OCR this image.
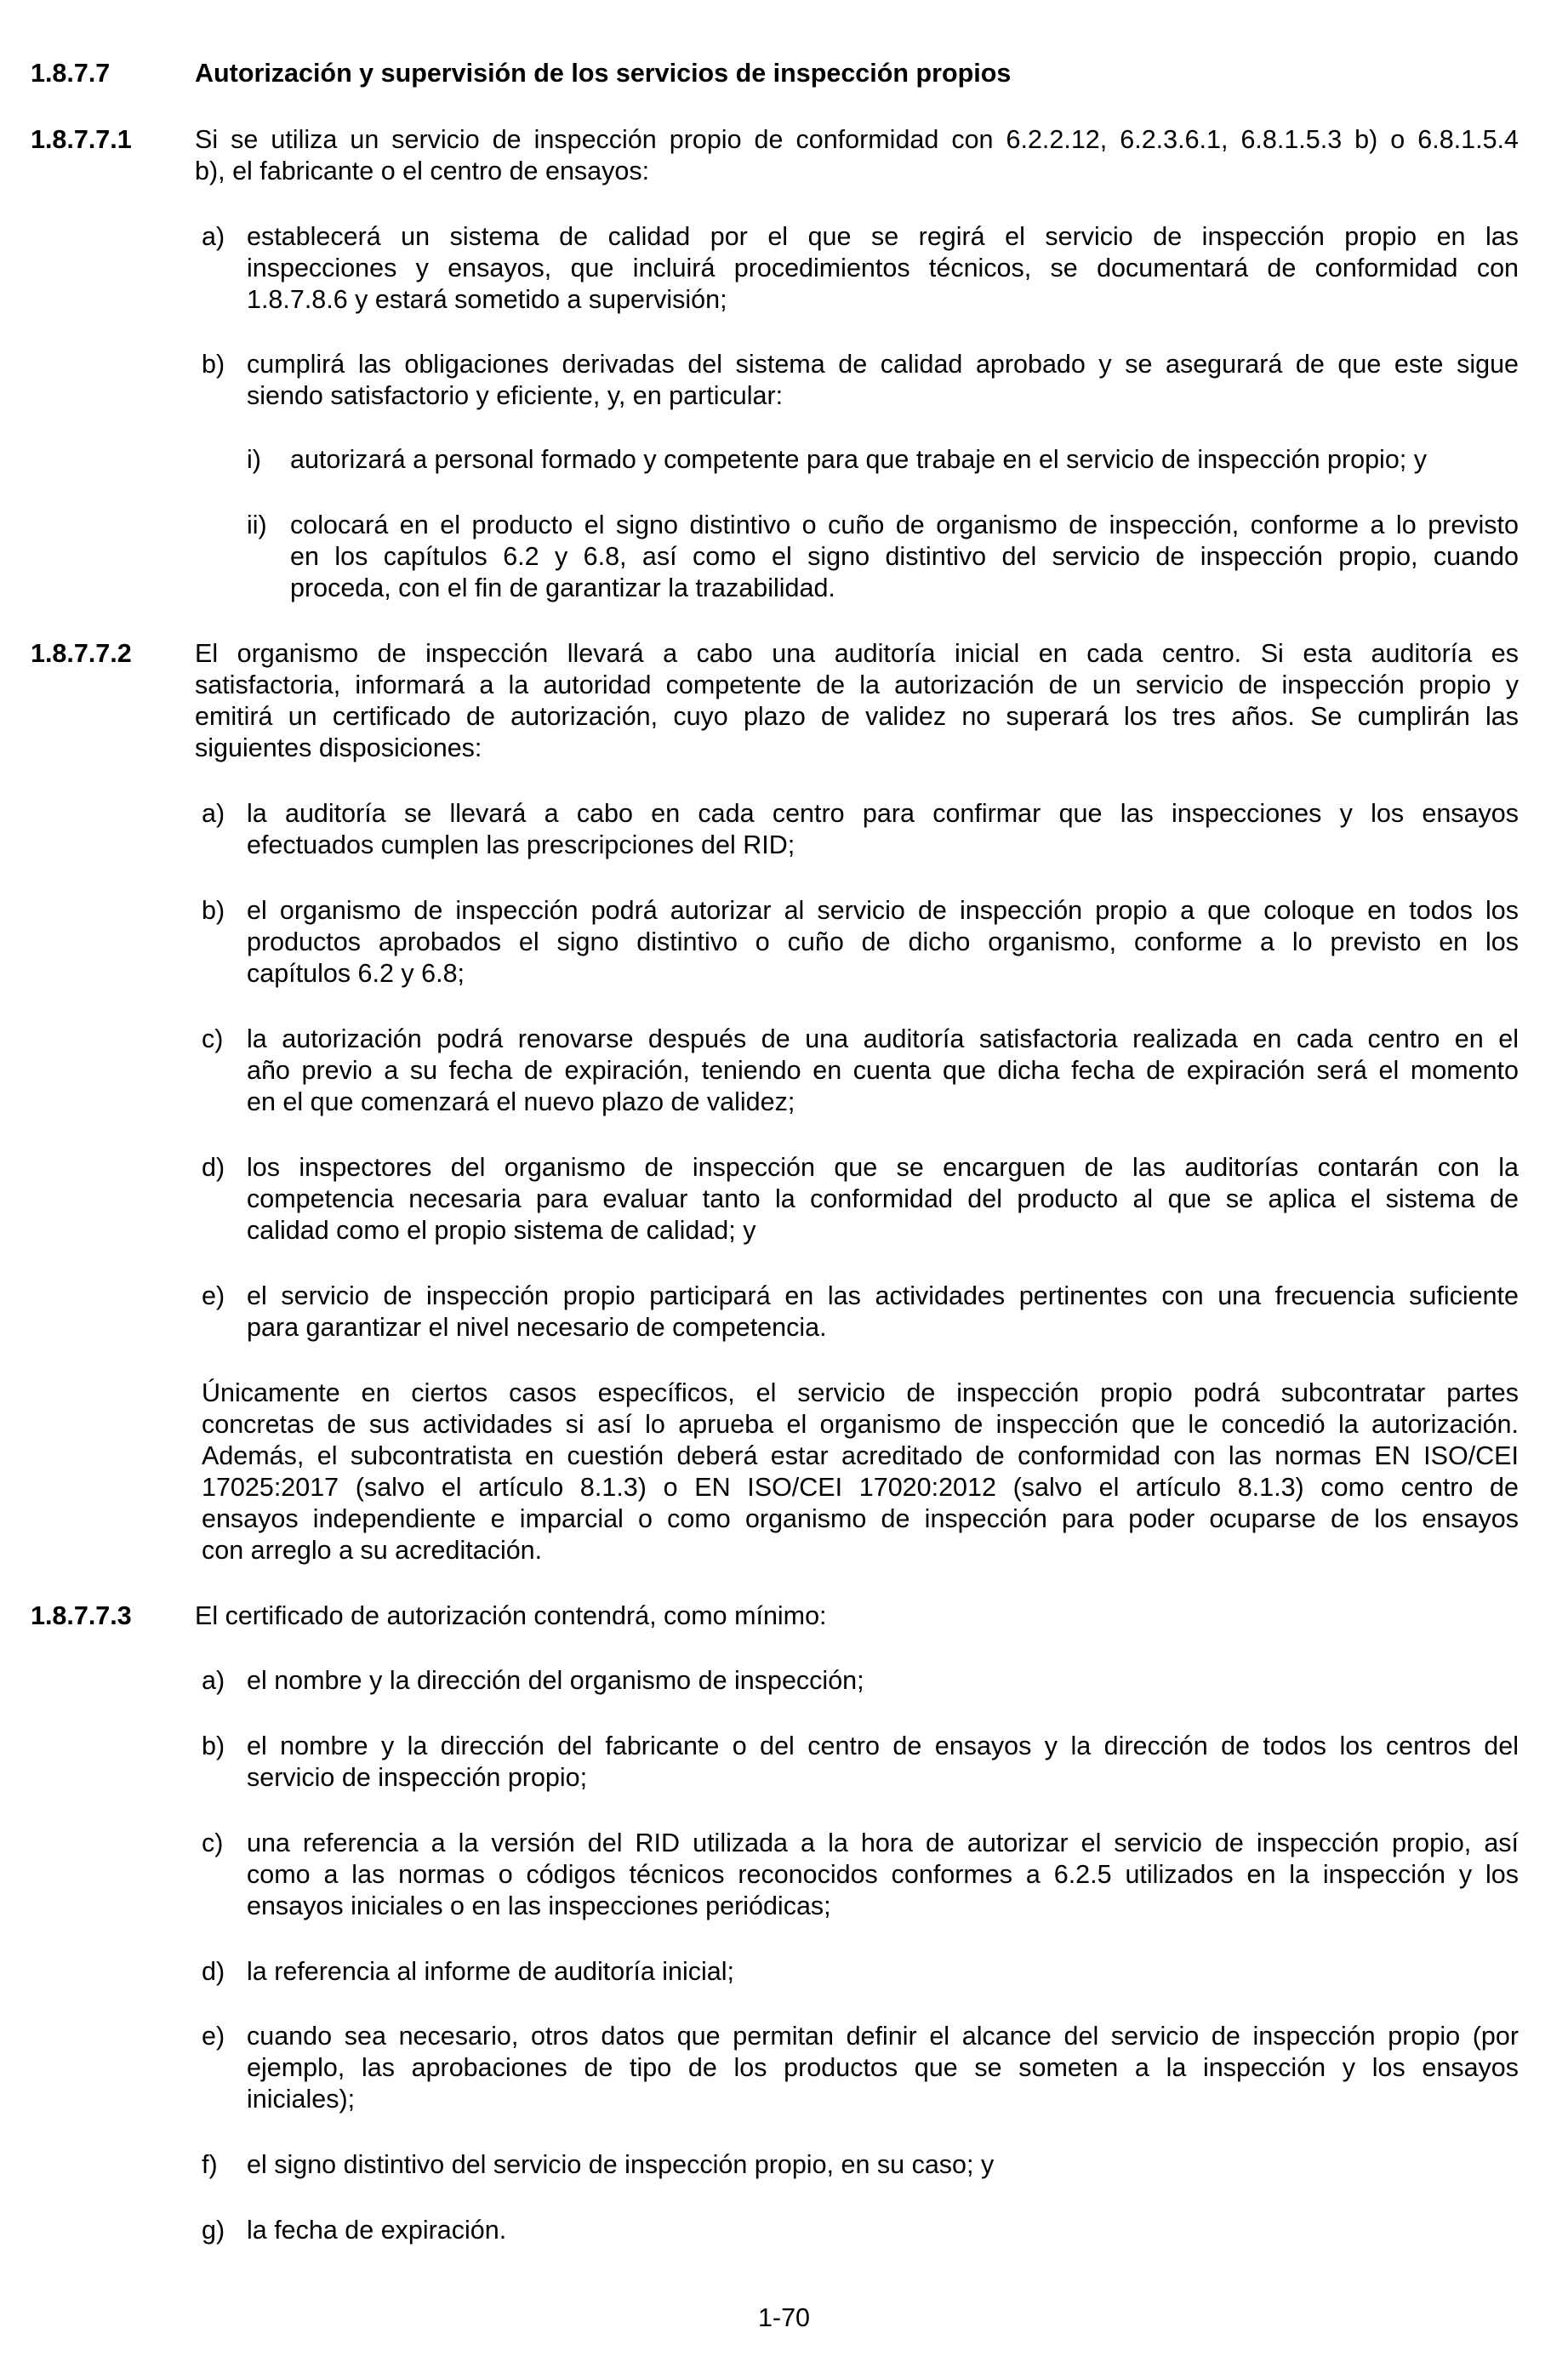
1.8.7.7	Autorización y supervisión de los servicios de inspección propios
1.8.7.7.1 Si se utiliza un servicio de inspección propio de conformidad con 6.2.2.12, 6.2.3.6.1, 6.8.1.5.3 b) o 6.8.1.5.4
b), el fabricante o el centro de ensayos:
a) establecerá un sistema de calidad por el que se regirá el servicio de inspección propio en las
inspecciones y ensayos, que incluirá procedimientos técnicos, se documentará de conformidad con
1.8.7.8.6 y estará sometido a supervisión;
b) cumplirá las obligaciones derivadas del sistema de calidad aprobado y se asegurará de que este sigue
siendo satisfactorio y eficiente, y, en particular:
i) autorizará a personal formado y competente para que trabaje en el servicio de inspección propio; y
ii) colocará en el producto el signo distintivo o cuño de organismo de inspección, conforme a lo previsto
en los capítulos 6.2 y 6.8, así como el signo distintivo del servicio de inspección propio, cuando
proceda, con el fin de garantizar la trazabilidad.
1.8.7.7.2 El organismo de inspección llevará a cabo una auditoría inicial en cada centro. Si esta auditoría es
satisfactoria, informará a la autoridad competente de la autorización de un servicio de inspección propio y
emitirá un certificado de autorización, cuyo plazo de validez no superará los tres años. Se cumplirán las
siguientes disposiciones:
a) la auditoría se llevará a cabo en cada centro para confirmar que las inspecciones y los ensayos
efectuados cumplen las prescripciones del RID;
b) el organismo de inspección podrá autorizar al servicio de inspección propio a que coloque en todos los
productos aprobados el signo distintivo o cuño de dicho organismo, conforme a lo previsto en los
capítulos 6.2 y 6.8;
c) la autorización podrá renovarse después de una auditoría satisfactoria realizada en cada centro en el
año previo a su fecha de expiración, teniendo en cuenta que dicha fecha de expiración será el momento
en el que comenzará el nuevo plazo de validez;
d) los inspectores del organismo de inspección que se encarguen de las auditorías contarán con la
competencia necesaria para evaluar tanto la conformidad del producto al que se aplica el sistema de
calidad como el propio sistema de calidad; y
e) el servicio de inspección propio participará en las actividades pertinentes con una frecuencia suficiente
para garantizar el nivel necesario de competencia.
Únicamente en ciertos casos específicos, el servicio de inspección propio podrá subcontratar partes
concretas de sus actividades si así lo aprueba el organismo de inspección que le concedió la autorización.
Además, el subcontratista en cuestión deberá estar acreditado de conformidad con las normas EN ISO/CEI
17025:2017 (salvo el artículo 8.1.3) o EN ISO/CEI 17020:2012 (salvo el artículo 8.1.3) como centro de
ensayos independiente e imparcial o como organismo de inspección para poder ocuparse de los ensayos
con arreglo a su acreditación.
1.8.7.7.3 El certificado de autorización contendrá, como mínimo:
a) el nombre y la dirección del organismo de inspección;
b) el nombre y la dirección del fabricante o del centro de ensayos y la dirección de todos los centros del
servicio de inspección propio;
c) una referencia a la versión del RID utilizada a la hora de autorizar el servicio de inspección propio, así
como a las normas o códigos técnicos reconocidos conformes a 6.2.5 utilizados en la inspección y los
ensayos iniciales o en las inspecciones periódicas;
d) la referencia al informe de auditoría inicial;
e) cuando sea necesario, otros datos que permitan definir el alcance del servicio de inspección propio (por
ejemplo, las aprobaciones de tipo de los productos que se someten a la inspección y los ensayos
iniciales);
f) el signo distintivo del servicio de inspección propio, en su caso; y
g) la fecha de expiración.
1-70
